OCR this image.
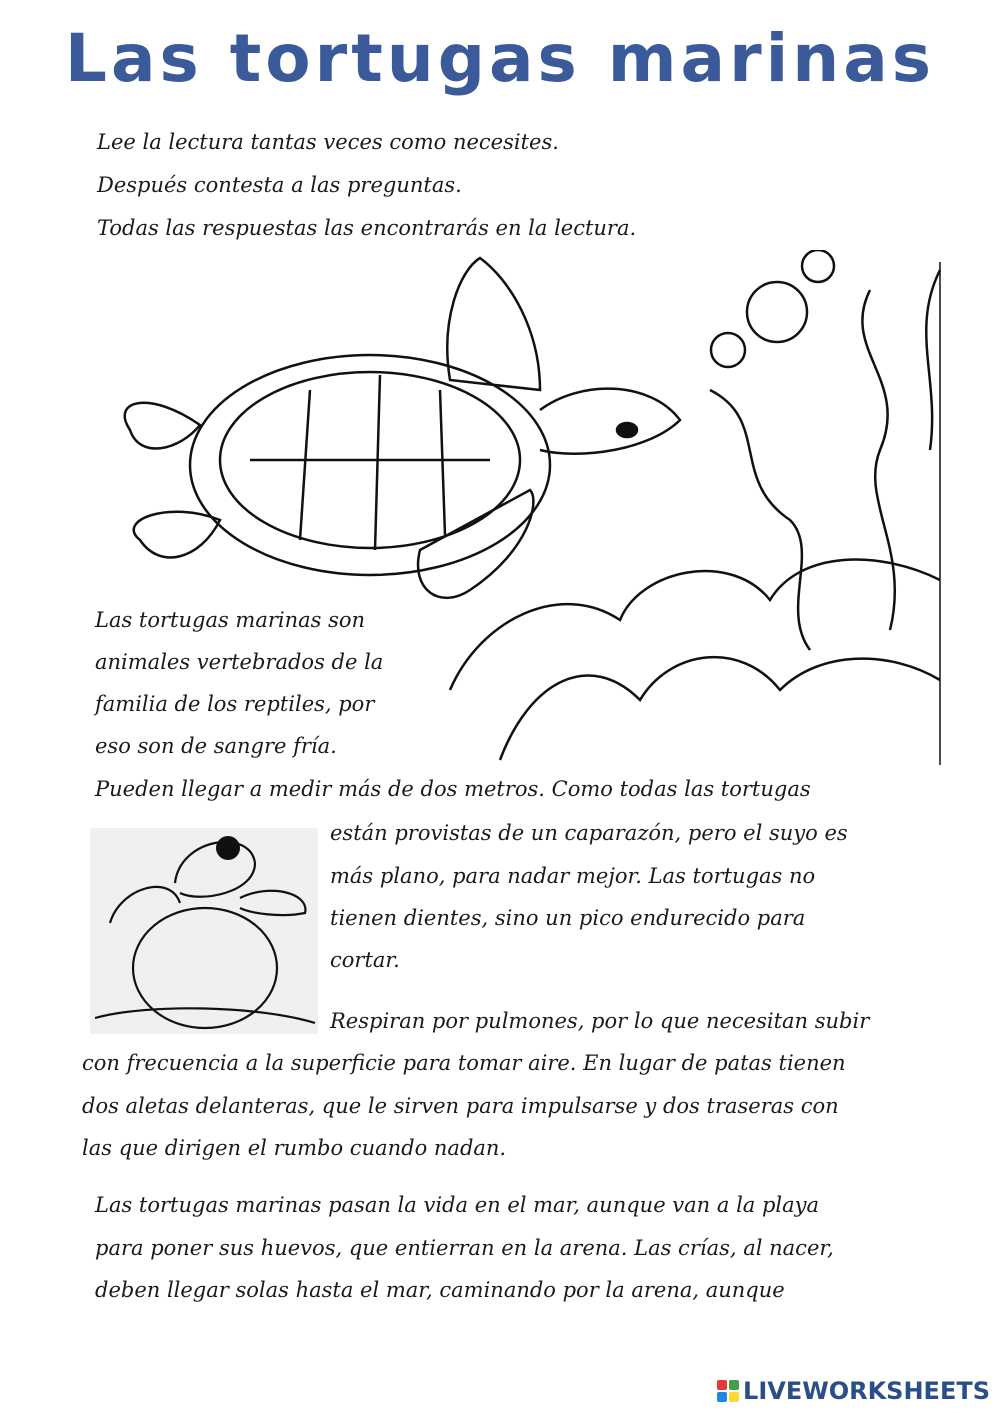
Las tortugas marinas
Lee la lectura tantas veces como necesites.
Después contesta a las preguntas.
Todas las respuestas las encontrarás en la lectura.
Las tortugas marinas son
animales vertebrados de la
familia de los reptiles, por
eso son de sangre fría.
Pueden llegar a medir más de dos metros. Como todas las tortugas
están provistas de un caparazón, pero el suyo es
más plano, para nadar mejor. Las tortugas no
tienen dientes, sino un pico endurecido para
cortar.
Respiran por pulmones, por lo que necesitan subir
con frecuencia a la superficie para tomar aire. En lugar de patas tienen
dos aletas delanteras, que le sirven para impulsarse y dos traseras con
las que dirigen el rumbo cuando nadan.
Las tortugas marinas pasan la vida en el mar, aunque van a la playa
para poner sus huevos, que entierran en la arena. Las crías, al nacer,
deben llegar solas hasta el mar, caminando por la arena, aunque
LIVEWORKSHEETS
